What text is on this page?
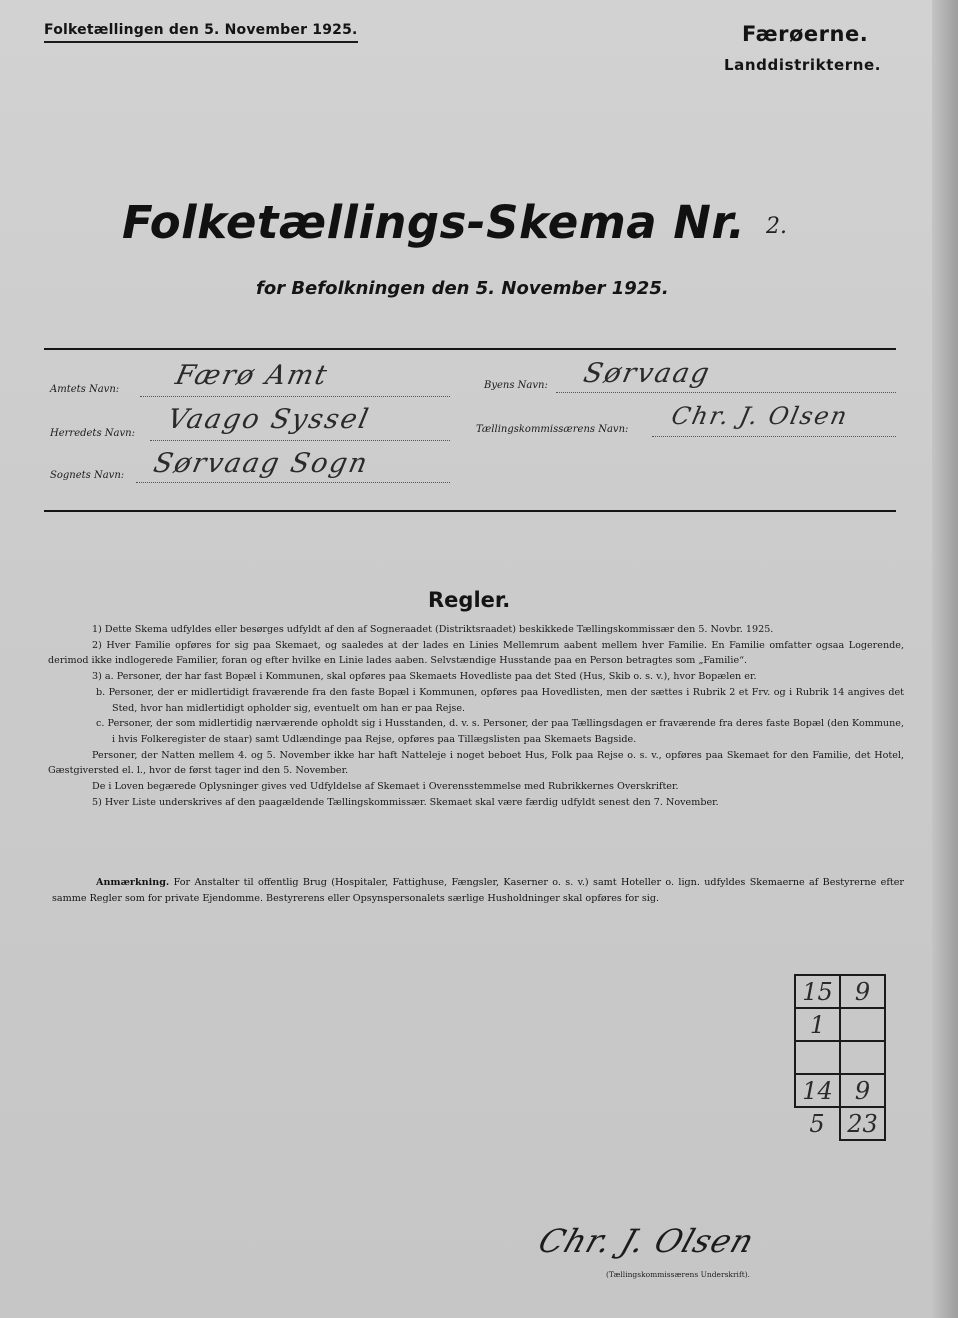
Folketællingen den 5. November 1925.	Færøerne.
Landdistrikterne.
Folketællings-Skema Nr. 2.
for Befolkningen den 5. November 1925.
Amtets Navn: Færø Amt	Byens Navn: Sørvaag
Herredets Navn: Vaago Syssel	Tællingskommissærens Navn: Chr. J. Olsen
Sognets Navn: Sørvaag Sogn
Regler.

1) Dette Skema udfyldes eller besørges udfyldt af den af Sogneraadet (Distriktsraadet) beskikkede Tællingskommissær den 5. Novbr. 1925.

2) Hver Familie opføres for sig paa Skemaet, og saaledes at der lades en Linies Mellemrum aabent mellem hver Familie. En Familie omfatter ogsaa Logerende, derimod ikke indlogerede Familier, foran og efter hvilke en Linie lades aaben. Selvstændige Husstande paa en Person betragtes som „Familie“.

3) a. Personer, der har fast Bopæl i Kommunen, skal opføres paa Skemaets Hovedliste paa det Sted (Hus, Skib o. s. v.), hvor Bopælen er.

b. Personer, der er midlertidigt fraværende fra den faste Bopæl i Kommunen, opføres paa Hovedlisten, men der sættes i Rubrik 2 et Frv. og i Rubrik 14 angives det Sted, hvor han midlertidigt opholder sig, eventuelt om han er paa Rejse.

c. Personer, der som midlertidig nærværende opholdt sig i Husstanden, d. v. s. Personer, der paa Tællingsdagen er fraværende fra deres faste Bopæl (den Kommune, i hvis Folkeregister de staar) samt Udlændinge paa Rejse, opføres paa Tillægslisten paa Skemaets Bagside.

Personer, der Natten mellem 4. og 5. November ikke har haft Natteleje i noget beboet Hus, Folk paa Rejse o. s. v., opføres paa Skemaet for den Familie, det Hotel, Gæstgiversted el. l., hvor de først tager ind den 5. November.

De i Loven begærede Oplysninger gives ved Udfyldelse af Skemaet i Overensstemmelse med Rubrikkernes Overskrifter.

5) Hver Liste underskrives af den paagældende Tællingskommissær. Skemaet skal være færdig udfyldt senest den 7. November.

Anmærkning. For Anstalter til offentlig Brug (Hospitaler, Fattighuse, Fængsler, Kaserner o. s. v.) samt Hoteller o. lign. udfyldes Skemaerne af Bestyrerne efter samme Regler som for private Ejendomme. Bestyrerens eller Opsynspersonalets særlige Husholdninger skal opføres for sig.
15	9
1	

14	9
5	23
Chr. J. Olsen
(Tællingskommissærens Underskrift).
